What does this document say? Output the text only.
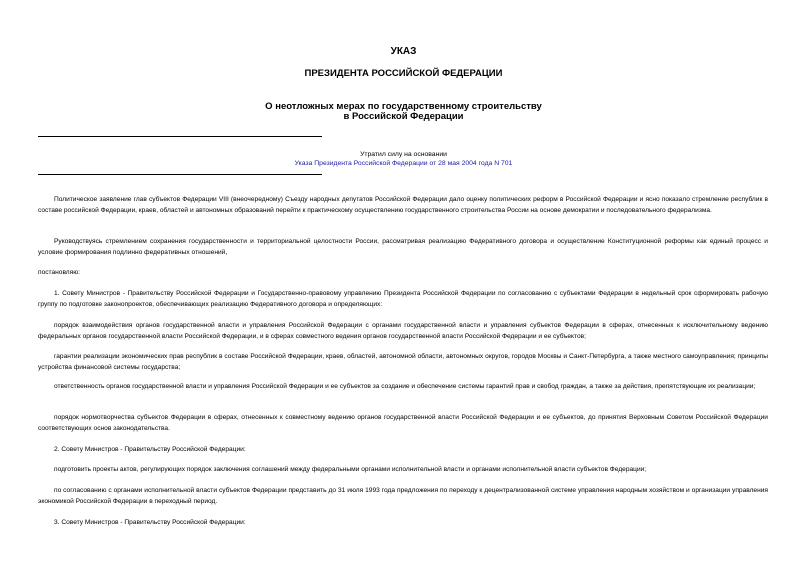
УКАЗ
ПРЕЗИДЕНТА РОССИЙСКОЙ ФЕДЕРАЦИИ
О неотложных мерах по государственному строительству
в Российской Федерации
Утратил силу на основании
Указа Президента Российской Федерации от 28 мая 2004 года N 701

Политическое заявление глав субъектов Федерации VIII (внеочередному) Съезду народных депутатов Российской Федерации дало оценку политических реформ в Российской Федерации и ясно показало стремление республик в составе российской Федерации, краев, областей и автономных образований перейти к практическому осуществлению государственного строительства России на основе демократии и последовательного федерализма.

Руководствуясь стремлением сохранения государственности и территориальной целостности России, рассматривая реализацию Федеративного договора и осуществление Конституционной реформы как единый процесс и условие формирования подлинно федеративных отношений,

постановляю:

1. Совету Министров - Правительству Российской Федерации и Государственно-правовому управлению Президента Российской Федерации по согласованию с субъектами Федерации в недельный срок сформировать рабочую группу по подготовке законопроектов, обеспечивающих реализацию Федеративного договора и определяющих:

порядок взаимодействия органов государственной власти и управления Российской Федерации с органами государственной власти и управления субъектов Федерации в сферах, отнесенных к исключительному ведению федеральных органов государственной власти Российской Федерации, и в сферах совместного ведения органов государственной власти Российской Федерации и ее субъектов;

гарантии реализации экономических прав республик в составе Российской Федерации, краев, областей, автономной области, автономных округов, городов Москвы и Санкт-Петербурга, а также местного самоуправления; принципы устройства финансовой системы государства;

ответственность органов государственной власти и управления Российской Федерации и ее субъектов за создание и обеспечение системы гарантий прав и свобод граждан, а также за действия, препятствующие их реализации;

порядок нормотворчества субъектов Федерации в сферах, отнесенных к совместному ведению органов государственной власти Российской Федерации и ее субъектов, до принятия Верховным Советом Российской Федерации соответствующих основ законодательства.

2. Совету Министров - Правительству Российской Федерации:

подготовить проекты актов, регулирующих порядок заключения соглашений между федеральными органами исполнительной власти и органами исполнительной власти субъектов Федерации;

по согласованию с органами исполнительной власти субъектов Федерации представить до 31 июля 1993 года предложения по переходу к децентрализованной системе управления народным хозяйством и организации управления экономикой Российской Федерации в переходный период.

3. Совету Министров - Правительству Российской Федерации:
